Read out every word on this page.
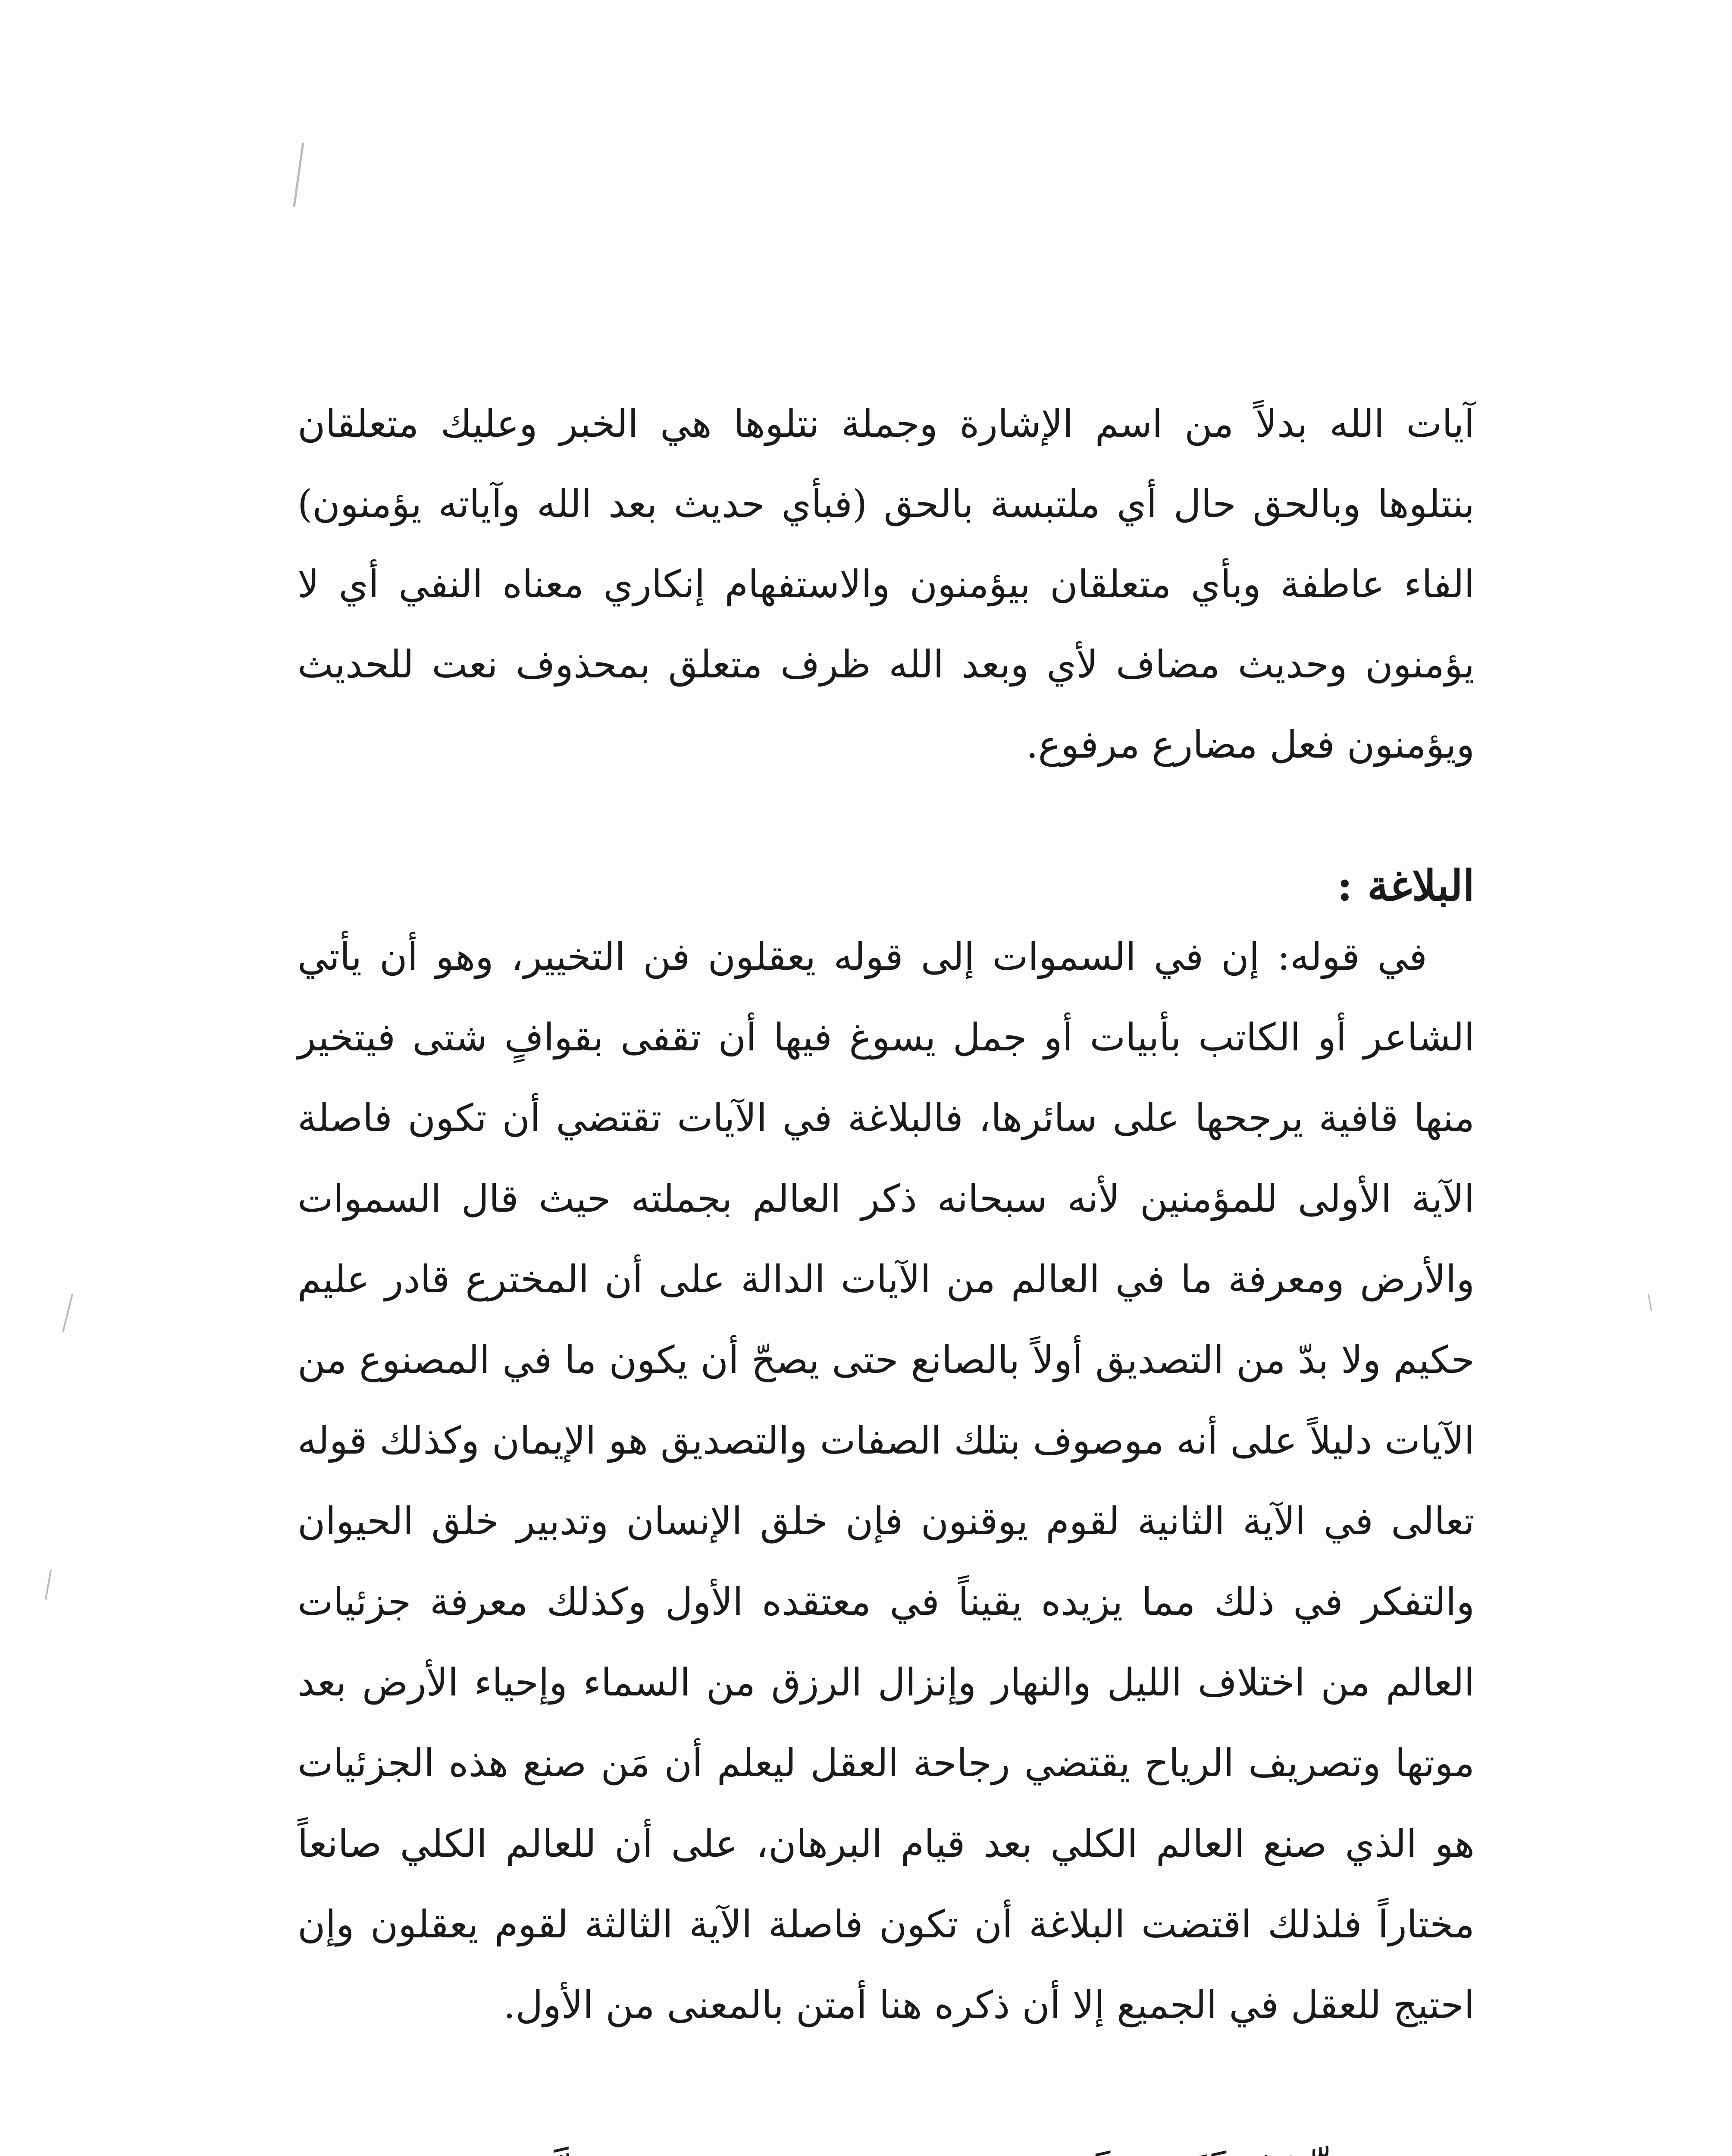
آيات الله بدلاً من اسم الإشارة وجملة نتلوها هي الخبر وعليك متعلقان بنتلوها وبالحق حال أي ملتبسة بالحق (فبأي حديث بعد الله وآياته يؤمنون) الفاء عاطفة وبأي متعلقان بيؤمنون والاستفهام إنكاري معناه النفي أي لا يؤمنون وحديث مضاف لأي وبعد الله ظرف متعلق بمحذوف نعت للحديث ويؤمنون فعل مضارع مرفوع.

البلاغة :

في قوله: إن في السموات إلى قوله يعقلون فن التخيير، وهو أن يأتي الشاعر أو الكاتب بأبيات أو جمل يسوغ فيها أن تقفى بقوافٍ شتى فيتخير منها قافية يرجحها على سائرها، فالبلاغة في الآيات تقتضي أن تكون فاصلة الآية الأولى للمؤمنين لأنه سبحانه ذكر العالم بجملته حيث قال السموات والأرض ومعرفة ما في العالم من الآيات الدالة على أن المخترع قادر عليم حكيم ولا بدّ من التصديق أولاً بالصانع حتى يصحّ أن يكون ما في المصنوع من الآيات دليلاً على أنه موصوف بتلك الصفات والتصديق هو الإيمان وكذلك قوله تعالى في الآية الثانية لقوم يوقنون فإن خلق الإنسان وتدبير خلق الحيوان والتفكر في ذلك مما يزيده يقيناً في معتقده الأول وكذلك معرفة جزئيات العالم من اختلاف الليل والنهار وإنزال الرزق من السماء وإحياء الأرض بعد موتها وتصريف الرياح يقتضي رجاحة العقل ليعلم أن مَن صنع هذه الجزئيات هو الذي صنع العالم الكلي بعد قيام البرهان، على أن للعالم الكلي صانعاً مختاراً فلذلك اقتضت البلاغة أن تكون فاصلة الآية الثالثة لقوم يعقلون وإن احتيج للعقل في الجميع إلا أن ذكره هنا أمتن بالمعنى من الأول.
